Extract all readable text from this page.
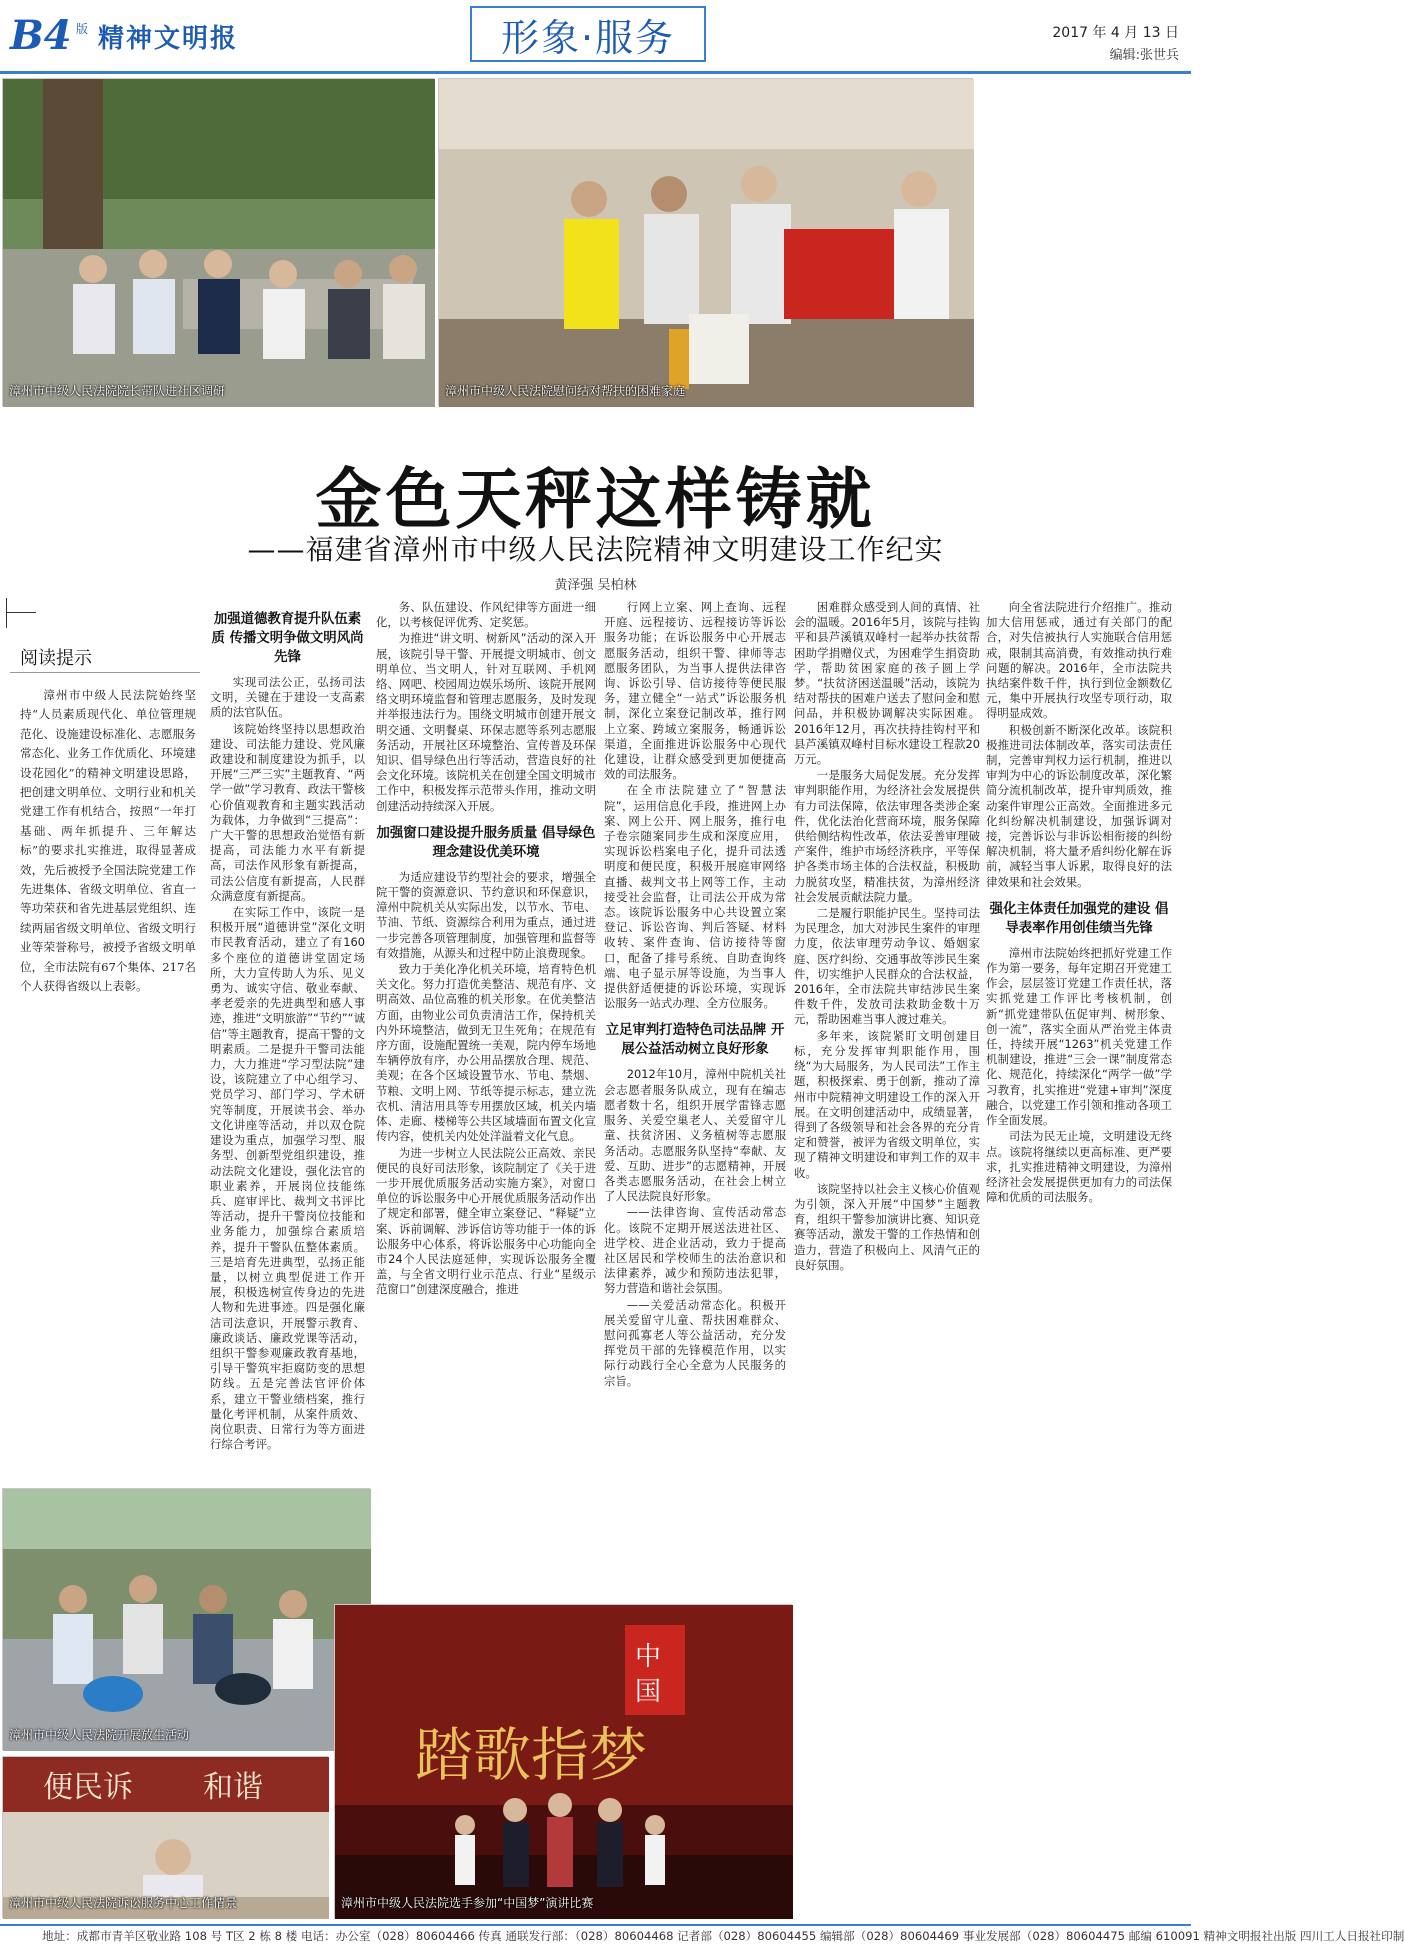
B4 版 精神文明报	形象·服务	2017 年 4 月 13 日
编辑:张世兵
漳州市中级人民法院院长带队进社区调研	漳州市中级人民法院慰问结对帮扶的困难家庭
金色天秤这样铸就
——福建省漳州市中级人民法院精神文明建设工作纪实
黄泽强 吴柏林
阅读提示
漳州市中级人民法院始终坚持“人员素质现代化、单位管理规范化、设施建设标准化、志愿服务常态化、业务工作优质化、环境建设花园化”的精神文明建设思路，把创建文明单位、文明行业和机关党建工作有机结合，按照“一年打基础、两年抓提升、三年解达标”的要求扎实推进，取得显著成效，先后被授予全国法院党建工作先进集体、省级文明单位、省直一等功荣获和省先进基层党组织、连续两届省级文明单位、省级文明行业等荣誉称号，被授予省级文明单位，全市法院有67个集体、217名个人获得省级以上表彰。
加强道德教育提升队伍素质 传播文明争做文明风尚先锋

实现司法公正，弘扬司法文明，关键在于建设一支高素质的法官队伍。

该院始终坚持以思想政治建设、司法能力建设、党风廉政建设和制度建设为抓手，以开展“三严三实”主题教育、“两学一做”学习教育、政法干警核心价值观教育和主题实践活动为载体，力争做到“三提高”：广大干警的思想政治觉悟有新提高，司法能力水平有新提高，司法作风形象有新提高，司法公信度有新提高，人民群众满意度有新提高。

在实际工作中，该院一是积极开展“道德讲堂”深化文明市民教育活动，建立了有160多个座位的道德讲堂固定场所，大力宣传助人为乐、见义勇为、诚实守信、敬业奉献、孝老爱亲的先进典型和感人事迹，推进“文明旅游”“节约”“诚信”等主题教育，提高干警的文明素质。二是提升干警司法能力，大力推进“学习型法院”建设，该院建立了中心组学习、党员学习、部门学习、学术研究等制度，开展读书会、举办文化讲座等活动，并以双仓院建设为重点，加强学习型、服务型、创新型党组织建设，推动法院文化建设，强化法官的职业素养，开展岗位技能练兵、庭审评比、裁判文书评比等活动，提升干警岗位技能和业务能力，加强综合素质培养，提升干警队伍整体素质。三是培育先进典型，弘扬正能量，以树立典型促进工作开展，积极选树宣传身边的先进人物和先进事迹。四是强化廉洁司法意识，开展警示教育、廉政谈话、廉政党课等活动，组织干警参观廉政教育基地，引导干警筑牢拒腐防变的思想防线。五是完善法官评价体系，建立干警业绩档案，推行量化考评机制，从案件质效、岗位职责、日常行为等方面进行综合考评。

务、队伍建设、作风纪律等方面进一细化，以考核促评优秀、定奖惩。

为推进“讲文明、树新风”活动的深入开展，该院引导干警、开展提文明城市、创文明单位、当文明人，针对互联网、手机网络、网吧、校园周边娱乐场所、该院开展网络文明环境监督和管理志愿服务，及时发现并举报违法行为。围绕文明城市创建开展文明交通、文明餐桌、环保志愿等系列志愿服务活动，开展社区环境整治、宣传普及环保知识、倡导绿色出行等活动，营造良好的社会文化环境。该院机关在创建全国文明城市工作中，积极发挥示范带头作用，推动文明创建活动持续深入开展。

加强窗口建设提升服务质量 倡导绿色理念建设优美环境

为适应建设节约型社会的要求，增强全院干警的资源意识、节约意识和环保意识，漳州中院机关从实际出发，以节水、节电、节油、节纸、资源综合利用为重点，通过进一步完善各项管理制度，加强管理和监督等有效措施，从源头和过程中防止浪费现象。

致力于美化净化机关环境，培育特色机关文化。努力打造优美整洁、规范有序、文明高效、品位高雅的机关形象。在优美整洁方面，由物业公司负责清洁工作，保持机关内外环境整洁，做到无卫生死角；在规范有序方面，设施配置统一美观，院内停车场地车辆停放有序，办公用品摆放合理、规范、美观；在各个区域设置节水、节电、禁烟、节粮、文明上网、节纸等提示标志，建立洗衣机、清洁用具等专用摆放区域，机关内墙体、走廊、楼梯等公共区域墙面布置文化宣传内容，使机关内处处洋溢着文化气息。

为进一步树立人民法院公正高效、亲民便民的良好司法形象，该院制定了《关于进一步开展优质服务活动实施方案》，对窗口单位的诉讼服务中心开展优质服务活动作出了规定和部署，健全审立案登记、“释疑”立案、诉前调解、涉诉信访等功能于一体的诉讼服务中心体系，将诉讼服务中心功能向全市24个人民法庭延伸，实现诉讼服务全覆盖，与全省文明行业示范点、行业“星级示范窗口”创建深度融合，推进

行网上立案、网上查询、远程开庭、远程接访、远程接访等诉讼服务功能；在诉讼服务中心开展志愿服务活动，组织干警、律师等志愿服务团队，为当事人提供法律咨询、诉讼引导、信访接待等便民服务，建立健全“一站式”诉讼服务机制，深化立案登记制改革，推行网上立案、跨域立案服务，畅通诉讼渠道，全面推进诉讼服务中心现代化建设，让群众感受到更加便捷高效的司法服务。

在全市法院建立了“智慧法院”，运用信息化手段，推进网上办案、网上公开、网上服务，推行电子卷宗随案同步生成和深度应用，实现诉讼档案电子化，提升司法透明度和便民度，积极开展庭审网络直播、裁判文书上网等工作，主动接受社会监督，让司法公开成为常态。该院诉讼服务中心共设置立案登记、诉讼咨询、判后答疑、材料收转、案件查询、信访接待等窗口，配备了排号系统、自助查询终端、电子显示屏等设施，为当事人提供舒适便捷的诉讼环境，实现诉讼服务一站式办理、全方位服务。

立足审判打造特色司法品牌 开展公益活动树立良好形象

2012年10月，漳州中院机关社会志愿者服务队成立，现有在编志愿者数十名，组织开展学雷锋志愿服务、关爱空巢老人、关爱留守儿童、扶贫济困、义务植树等志愿服务活动。志愿服务队坚持“奉献、友爱、互助、进步”的志愿精神，开展各类志愿服务活动，在社会上树立了人民法院良好形象。

——法律咨询、宣传活动常态化。该院不定期开展送法进社区、进学校、进企业活动，致力于提高社区居民和学校师生的法治意识和法律素养，减少和预防违法犯罪，努力营造和谐社会氛围。

——关爱活动常态化。积极开展关爱留守儿童、帮扶困难群众、慰问孤寡老人等公益活动，充分发挥党员干部的先锋模范作用，以实际行动践行全心全意为人民服务的宗旨。

困难群众感受到人间的真情、社会的温暖。2016年5月，该院与挂钩平和县芦溪镇双峰村一起举办扶贫帮困助学捐赠仪式，为困难学生捐资助学，帮助贫困家庭的孩子圆上学梦。“扶贫济困送温暖”活动，该院为结对帮扶的困难户送去了慰问金和慰问品，并积极协调解决实际困难。2016年12月，再次扶持挂钩村平和县芦溪镇双峰村目标水建设工程款20万元。

一是服务大局促发展。充分发挥审判职能作用，为经济社会发展提供有力司法保障，依法审理各类涉企案件，优化法治化营商环境，服务保障供给侧结构性改革，依法妥善审理破产案件，维护市场经济秩序，平等保护各类市场主体的合法权益，积极助力脱贫攻坚，精准扶贫，为漳州经济社会发展贡献法院力量。

二是履行职能护民生。坚持司法为民理念，加大对涉民生案件的审理力度，依法审理劳动争议、婚姻家庭、医疗纠纷、交通事故等涉民生案件，切实维护人民群众的合法权益，2016年，全市法院共审结涉民生案件数千件，发放司法救助金数十万元，帮助困难当事人渡过难关。

多年来，该院紧盯文明创建目标，充分发挥审判职能作用，围绕“为大局服务，为人民司法”工作主题，积极探索、勇于创新，推动了漳州市中院精神文明建设工作的深入开展。在文明创建活动中，成绩显著，得到了各级领导和社会各界的充分肯定和赞誉，被评为省级文明单位，实现了精神文明建设和审判工作的双丰收。

该院坚持以社会主义核心价值观为引领，深入开展“中国梦”主题教育，组织干警参加演讲比赛、知识竞赛等活动，激发干警的工作热情和创造力，营造了积极向上、风清气正的良好氛围。

向全省法院进行介绍推广。推动加大信用惩戒，通过有关部门的配合，对失信被执行人实施联合信用惩戒，限制其高消费，有效推动执行难问题的解决。2016年，全市法院共执结案件数千件，执行到位金额数亿元，集中开展执行攻坚专项行动，取得明显成效。

积极创新不断深化改革。该院积极推进司法体制改革，落实司法责任制，完善审判权力运行机制，推进以审判为中心的诉讼制度改革，深化繁简分流机制改革，提升审判质效，推动案件审理公正高效。全面推进多元化纠纷解决机制建设，加强诉调对接，完善诉讼与非诉讼相衔接的纠纷解决机制，将大量矛盾纠纷化解在诉前，减轻当事人诉累，取得良好的法律效果和社会效果。

强化主体责任加强党的建设 倡导表率作用创佳绩当先锋

漳州市法院始终把抓好党建工作作为第一要务，每年定期召开党建工作会，层层签订党建工作责任状，落实抓党建工作评比考核机制，创新“抓党建带队伍促审判、树形象、创一流”，落实全面从严治党主体责任，持续开展“1263”机关党建工作机制建设，推进“三会一课”制度常态化、规范化，持续深化“两学一做”学习教育，扎实推进“党建+审判”深度融合，以党建工作引领和推动各项工作全面发展。

司法为民无止境，文明建设无终点。该院将继续以更高标准、更严要求，扎实推进精神文明建设，为漳州经济社会发展提供更加有力的司法保障和优质的司法服务。

漳州市中级人民法院开展放生活动
便民诉 和谐
漳州市中级人民法院诉讼服务中心工作情景
中
国
踏歌指梦
漳州市中级人民法院选手参加“中国梦”演讲比赛
地址：成都市青羊区敬业路 108 号 T区 2 栋 8 楼 电话：办公室（028）80604466 传真 通联发行部：（028）80604468 记者部（028）80604455 编辑部（028）80604469 事业发展部（028）80604475 邮编 610091 精神文明报社出版 四川工人日报社印制
